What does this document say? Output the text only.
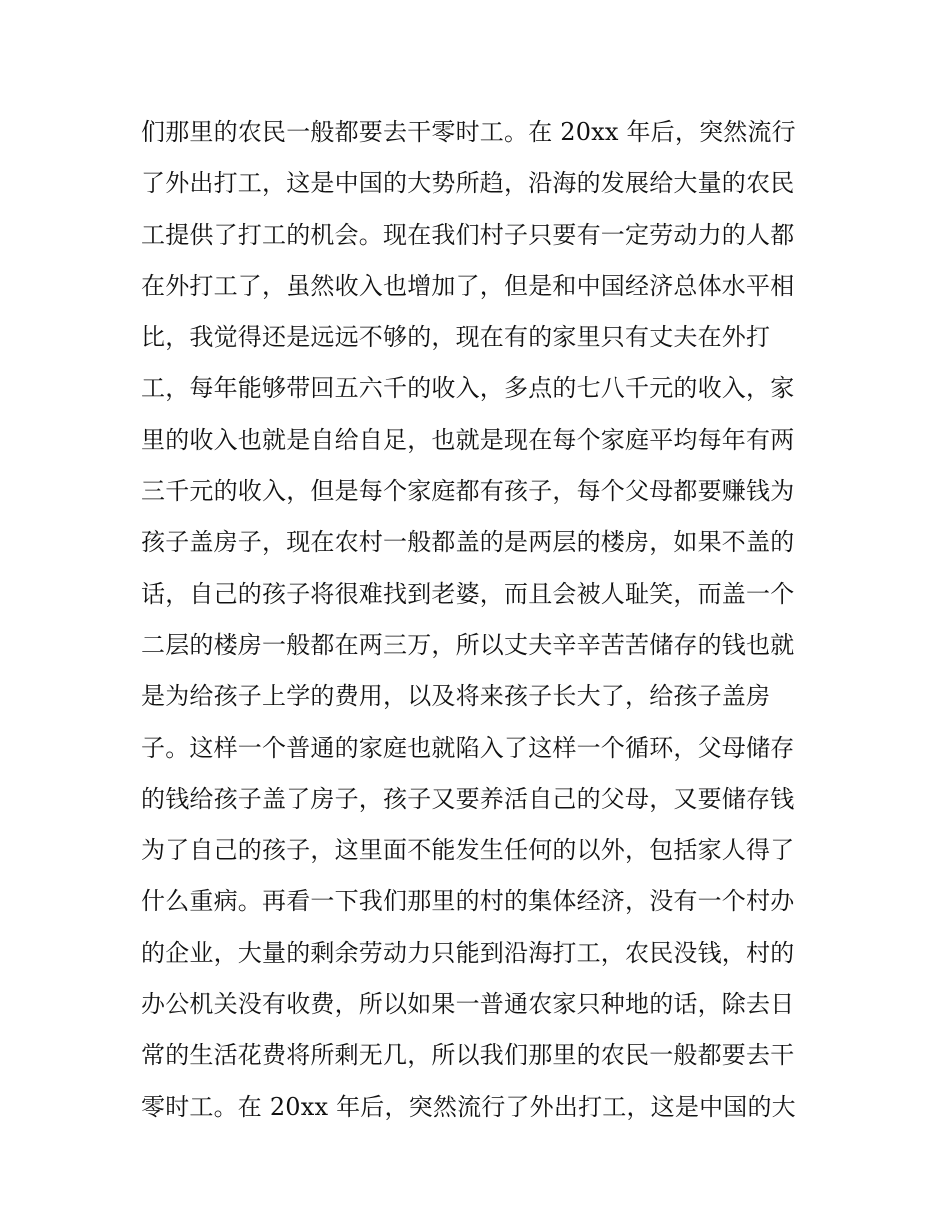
们那里的农民一般都要去干零时工。在 20xx 年后，突然流行
了外出打工，这是中国的大势所趋，沿海的发展给大量的农民
工提供了打工的机会。现在我们村子只要有一定劳动力的人都
在外打工了，虽然收入也增加了，但是和中国经济总体水平相
比，我觉得还是远远不够的，现在有的家里只有丈夫在外打
工，每年能够带回五六千的收入，多点的七八千元的收入，家
里的收入也就是自给自足，也就是现在每个家庭平均每年有两
三千元的收入，但是每个家庭都有孩子，每个父母都要赚钱为
孩子盖房子，现在农村一般都盖的是两层的楼房，如果不盖的
话，自己的孩子将很难找到老婆，而且会被人耻笑，而盖一个
二层的楼房一般都在两三万，所以丈夫辛辛苦苦储存的钱也就
是为给孩子上学的费用，以及将来孩子长大了，给孩子盖房
子。这样一个普通的家庭也就陷入了这样一个循环，父母储存
的钱给孩子盖了房子，孩子又要养活自己的父母，又要储存钱
为了自己的孩子，这里面不能发生任何的以外，包括家人得了
什么重病。再看一下我们那里的村的集体经济，没有一个村办
的企业，大量的剩余劳动力只能到沿海打工，农民没钱，村的
办公机关没有收费，所以如果一普通农家只种地的话，除去日
常的生活花费将所剩无几，所以我们那里的农民一般都要去干
零时工。在 20xx 年后，突然流行了外出打工，这是中国的大
